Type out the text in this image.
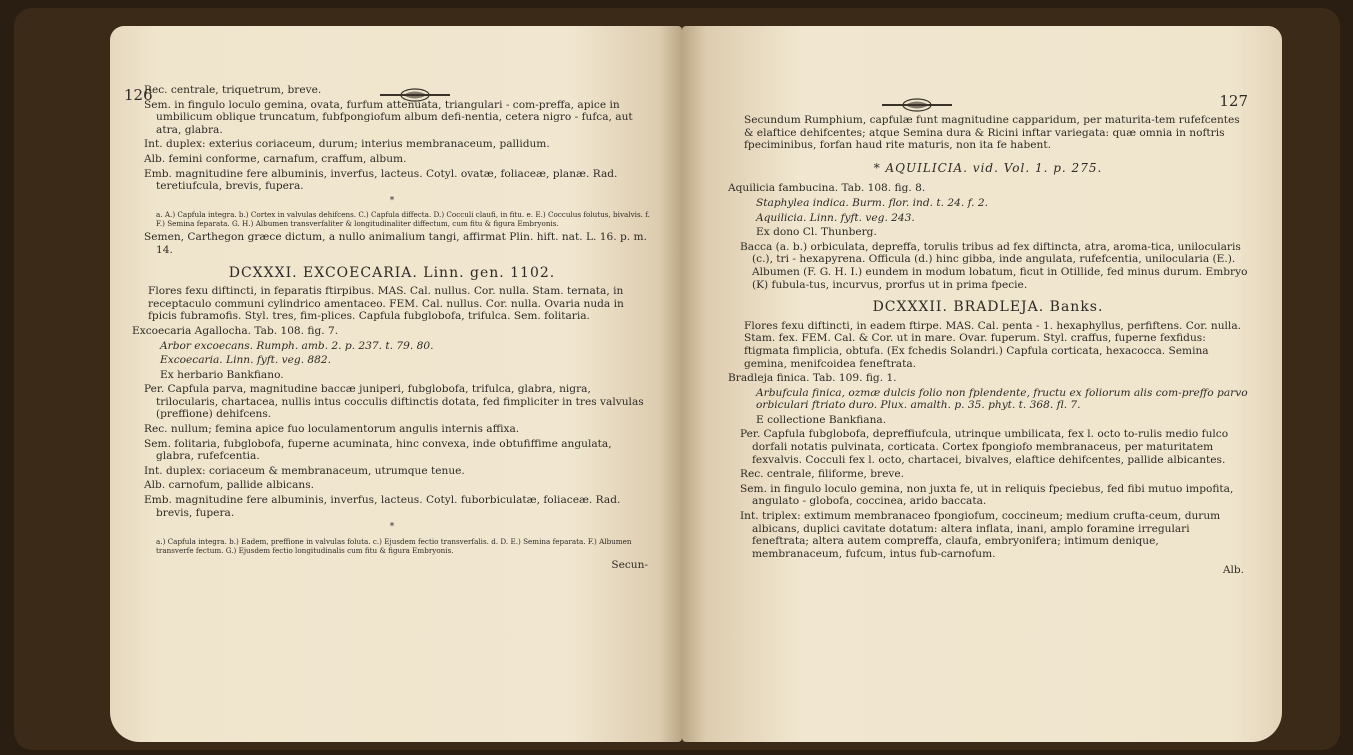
126

Rec. centrale, triquetrum, breve.

Sem. in fingulo loculo gemina, ovata, furfum attenuata, triangulari - com-preffa, apice in umbilicum oblique truncatum, fubfpongiofum album defi-nentia, cetera nigro - fufca, aut atra, glabra.

Int. duplex: exterius coriaceum, durum; interius membranaceum, pallidum.

Alb. femini conforme, carnafum, craffum, album.

Emb. magnitudine fere albuminis, inverfus, lacteus. Cotyl. ovatæ, foliaceæ, planæ. Rad. teretiufcula, brevis, fupera.

*

a. A.) Capfula integra. b.) Cortex in valvulas dehifcens. C.) Capfula diffecta. D.) Cocculi claufi, in fitu. e. E.) Cocculus folutus, bivalvis. f. F.) Semina feparata. G. H.) Albumen transverfaliter & longitudinaliter diffectum, cum fitu & figura Embryonis.

Semen, Carthegon græce dictum, a nullo animalium tangi, affirmat Plin. hift. nat. L. 16. p. m. 14.

DCXXXI. EXCOECARIA. Linn. gen. 1102.

Flores fexu diftincti, in feparatis ftirpibus. MAS. Cal. nullus. Cor. nulla. Stam. ternata, in receptaculo communi cylindrico amentaceo. FEM. Cal. nullus. Cor. nulla. Ovaria nuda in fpicis fubramofis. Styl. tres, fim-plices. Capfula fubglobofa, trifulca. Sem. folitaria.

Excoecaria Agallocha. Tab. 108. fig. 7.

Arbor excoecans. Rumph. amb. 2. p. 237. t. 79. 80.

Excoecaria. Linn. fyft. veg. 882.

Ex herbario Bankfiano.

Per. Capfula parva, magnitudine baccæ juniperi, fubglobofa, trifulca, glabra, nigra, trilocularis, chartacea, nullis intus cocculis diftinctis dotata, fed fimpliciter in tres valvulas (preffione) dehifcens.

Rec. nullum; femina apice fuo loculamentorum angulis internis affixa.

Sem. folitaria, fubglobofa, fuperne acuminata, hinc convexa, inde obtufiffime angulata, glabra, rufefcentia.

Int. duplex: coriaceum & membranaceum, utrumque tenue.

Alb. carnofum, pallide albicans.

Emb. magnitudine fere albuminis, inverfus, lacteus. Cotyl. fuborbiculatæ, foliaceæ. Rad. brevis, fupera.

*

a.) Capfula integra. b.) Eadem, preffione in valvulas foluta. c.) Ejusdem fectio transverfalis. d. D. E.) Semina feparata. F.) Albumen transverfe fectum. G.) Ejusdem fectio longitudinalis cum fitu & figura Embryonis.

Secun-

127

Secundum Rumphium, capfulæ funt magnitudine capparidum, per maturita-tem rufefcentes & elaftice dehifcentes; atque Semina dura & Ricini inftar variegata: quæ omnia in noftris fpeciminibus, forfan haud rite maturis, non ita fe habent.

* AQUILICIA. vid. Vol. 1. p. 275.

Aquilicia fambucina. Tab. 108. fig. 8.

Staphylea indica. Burm. flor. ind. t. 24. f. 2.

Aquilicia. Linn. fyft. veg. 243.

Ex dono Cl. Thunberg.

Bacca (a. b.) orbiculata, depreffa, torulis tribus ad fex diftincta, atra, aroma-tica, unilocularis (c.), tri - hexapyrena. Officula (d.) hinc gibba, inde angulata, rufefcentia, unilocularia (E.). Albumen (F. G. H. I.) eundem in modum lobatum, ficut in Otillide, fed minus durum. Embryo (K) fubula-tus, incurvus, prorfus ut in prima fpecie.

DCXXXII. BRADLEJA. Banks.

Flores fexu diftincti, in eadem ftirpe. MAS. Cal. penta - 1. hexaphyllus, perfiftens. Cor. nulla. Stam. fex. FEM. Cal. & Cor. ut in mare. Ovar. fuperum. Styl. craffus, fuperne fexfidus: ftigmata fimplicia, obtufa. (Ex fchedis Solandri.) Capfula corticata, hexacocca. Semina gemina, menifcoidea feneftrata.

Bradleja finica. Tab. 109. fig. 1.

Arbufcula finica, ozmæ dulcis folio non fplendente, fructu ex foliorum alis com-preffo parvo orbiculari ftriato duro. Plux. amalth. p. 35. phyt. t. 368. fl. 7.

E collectione Bankfiana.

Per. Capfula fubglobofa, depreffiufcula, utrinque umbilicata, fex l. octo to-rulis medio fulco dorfali notatis pulvinata, corticata. Cortex fpongiofo membranaceus, per maturitatem fexvalvis. Cocculi fex l. octo, chartacei, bivalves, elaftice dehifcentes, pallide albicantes.

Rec. centrale, filiforme, breve.

Sem. in fingulo loculo gemina, non juxta fe, ut in reliquis fpeciebus, fed fibi mutuo impofita, angulato - globofa, coccinea, arido baccata.

Int. triplex: extimum membranaceo fpongiofum, coccineum; medium crufta-ceum, durum albicans, duplici cavitate dotatum: altera inflata, inani, amplo foramine irregulari feneftrata; altera autem compreffa, claufa, embryonifera; intimum denique, membranaceum, fufcum, intus fub-carnofum.

Alb.
